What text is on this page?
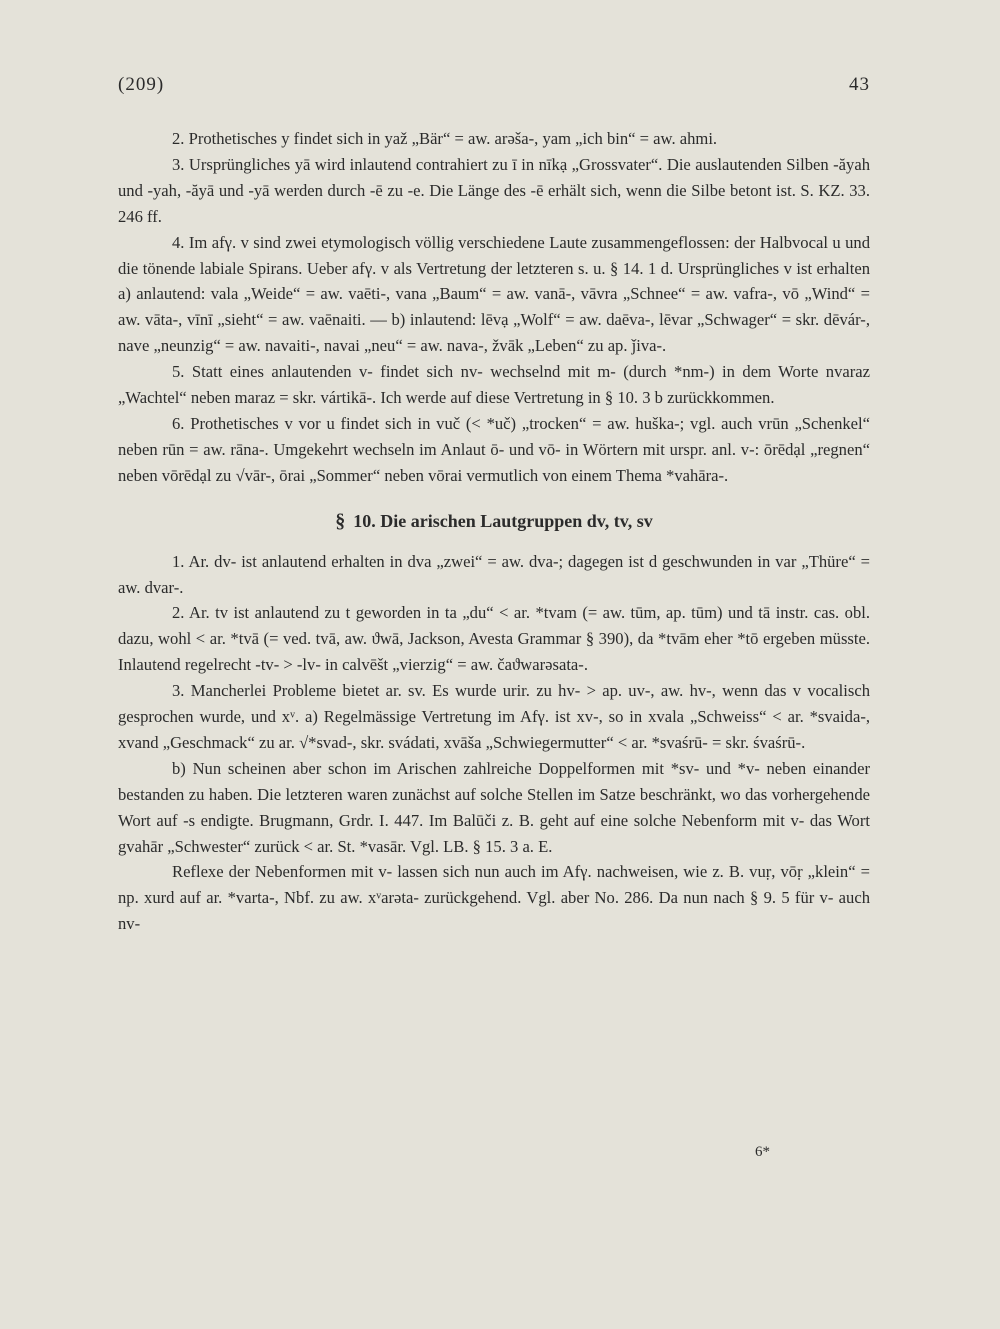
(209)	43

2. Prothetisches y findet sich in yaž „Bär“ = aw. arəša-, yam „ich bin“ = aw. ahmi.

3. Ursprüngliches yā wird inlautend contrahiert zu ī in nīkạ „Grossvater“. Die auslautenden Silben -ăyah und -yah, -ăyā und -yā werden durch -ē zu -e. Die Länge des -ē erhält sich, wenn die Silbe betont ist. S. KZ. 33. 246 ff.

4. Im afγ. v sind zwei etymologisch völlig verschiedene Laute zusammengeflossen: der Halbvocal u und die tönende labiale Spirans. Ueber afγ. v als Vertretung der letzteren s. u. § 14. 1 d. Ursprüngliches v ist erhalten a) anlautend: vala „Weide“ = aw. vaēti-, vana „Baum“ = aw. vanā-, vāvra „Schnee“ = aw. vafra-, vō „Wind“ = aw. vāta-, vīnī „sieht“ = aw. vaēnaiti. — b) inlautend: lēvạ „Wolf“ = aw. daēva-, lēvar „Schwager“ = skr. dēvár-, nave „neunzig“ = aw. navaiti-, navai „neu“ = aw. nava-, žvāk „Leben“ zu ap. ǰiva-.

5. Statt eines anlautenden v- findet sich nv- wechselnd mit m- (durch *nm-) in dem Worte nvaraz „Wachtel“ neben maraz = skr. vártikā-. Ich werde auf diese Vertretung in § 10. 3 b zurückkommen.

6. Prothetisches v vor u findet sich in vuč (< *uč) „trocken“ = aw. huška-; vgl. auch vrūn „Schenkel“ neben rūn = aw. rāna-. Umgekehrt wechseln im Anlaut ō- und vō- in Wörtern mit urspr. anl. v-: ōrēdạl „regnen“ neben vōrēdạl zu √vār-, ōrai „Sommer“ neben vōrai vermutlich von einem Thema *vahāra-.

§ 10. Die arischen Lautgruppen dv, tv, sv

1. Ar. dv- ist anlautend erhalten in dva „zwei“ = aw. dva-; dagegen ist d geschwunden in var „Thüre“ = aw. dvar-.

2. Ar. tv ist anlautend zu t geworden in ta „du“ < ar. *tvam (= aw. tūm, ap. tūm) und tā instr. cas. obl. dazu, wohl < ar. *tvā (= ved. tvā, aw. ϑwā, Jackson, Avesta Grammar § 390), da *tvām eher *tō ergeben müsste. Inlautend regelrecht -tv- > -lv- in calvēšt „vierzig“ = aw. čaϑwarəsata-.

3. Mancherlei Probleme bietet ar. sv. Es wurde urir. zu hv- > ap. uv-, aw. hv-, wenn das v vocalisch gesprochen wurde, und xᵛ. a) Regelmässige Vertretung im Afγ. ist xv-, so in xvala „Schweiss“ < ar. *svaida-, xvand „Geschmack“ zu ar. √*svad-, skr. svádati, xvāša „Schwiegermutter“ < ar. *svaśrū- = skr. śvaśrū-.

b) Nun scheinen aber schon im Arischen zahlreiche Doppelformen mit *sv- und *v- neben einander bestanden zu haben. Die letzteren waren zunächst auf solche Stellen im Satze beschränkt, wo das vorhergehende Wort auf -s endigte. Brugmann, Grdr. I. 447. Im Balūči z. B. geht auf eine solche Nebenform mit v- das Wort gvahār „Schwester“ zurück < ar. St. *vasār. Vgl. LB. § 15. 3 a. E.

Reflexe der Nebenformen mit v- lassen sich nun auch im Afγ. nachweisen, wie z. B. vuṛ, vōṛ „klein“ = np. xurd auf ar. *varta-, Nbf. zu aw. xᵛarəta- zurückgehend. Vgl. aber No. 286. Da nun nach § 9. 5 für v- auch nv-

6*
